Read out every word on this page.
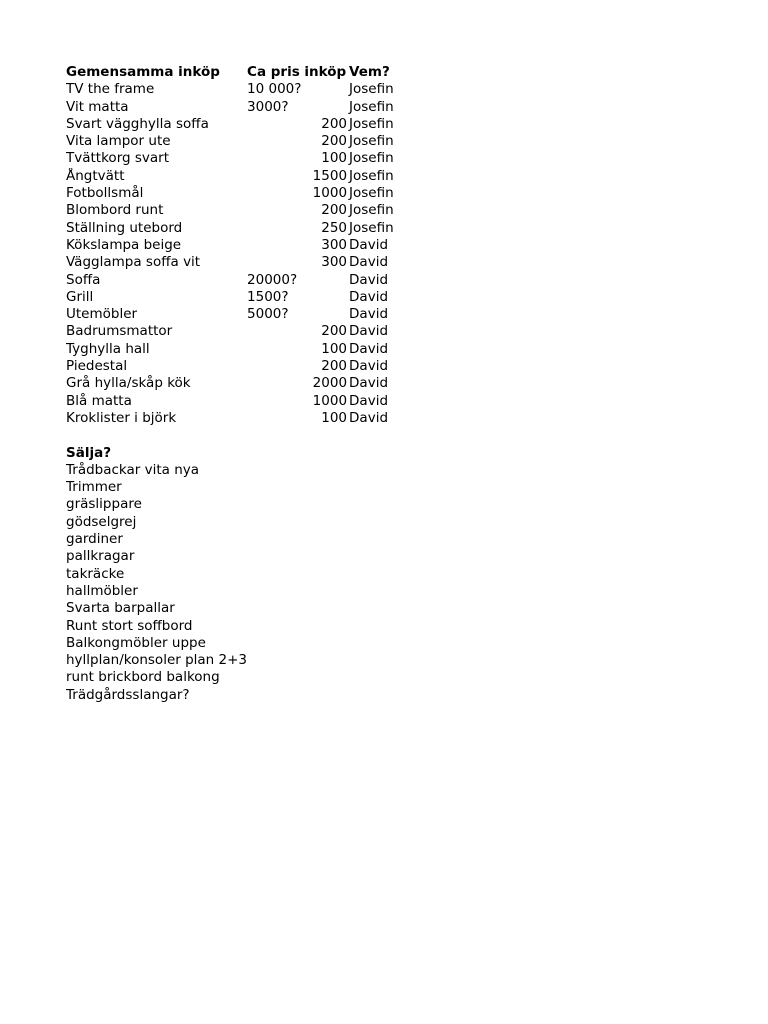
Gemensamma inköp	Ca pris inköp	Vem?
TV the frame	10 000?	Josefin
Vit matta	3000?	Josefin
Svart vägghylla soffa	200	Josefin
Vita lampor ute	200	Josefin
Tvättkorg svart	100	Josefin
Ångtvätt	1500	Josefin
Fotbollsmål	1000	Josefin
Blombord runt	200	Josefin
Ställning utebord	250	Josefin
Kökslampa beige	300	David
Vägglampa soffa vit	300	David
Soffa	20000?	David
Grill	1500?	David
Utemöbler	5000?	David
Badrumsmattor	200	David
Tyghylla hall	100	David
Piedestal	200	David
Grå hylla/skåp kök	2000	David
Blå matta	1000	David
Kroklister i björk	100	David

Sälja?		
Trådbackar vita nya		
Trimmer		
gräslippare		
gödselgrej		
gardiner		
pallkragar		
takräcke		
hallmöbler		
Svarta barpallar		
Runt stort soffbord		
Balkongmöbler uppe		
hyllplan/konsoler plan 2+3		
runt brickbord balkong		
Trädgårdsslangar?		
